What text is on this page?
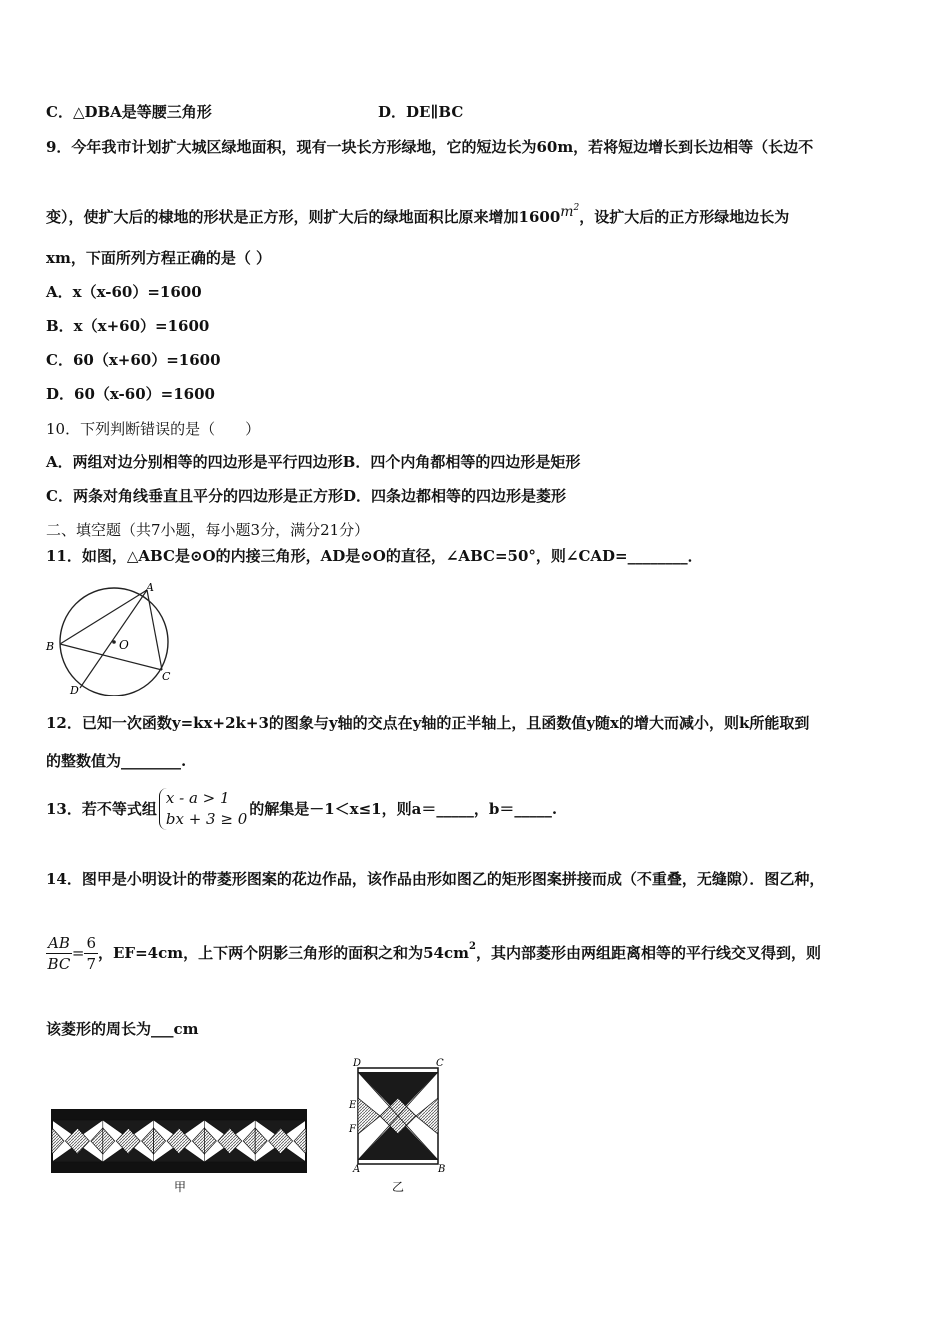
C．△DBA是等腰三角形	D．DE∥BC
9．今年我市计划扩大城区绿地面积，现有一块长方形绿地，它的短边长为60m，若将短边增长到长边相等（长边不
变），使扩大后的棣地的形状是正方形，则扩大后的绿地面积比原来增加$1600m^2$，设扩大后的正方形绿地边长为
xm，下面所列方程正确的是（ ）
A．x（x-60）=1600
B．x（x+60）=1600
C．60（x+60）=1600
D．60（x-60）=1600
10．下列判断错误的是（　　）
A．两组对边分别相等的四边形是平行四边形B．四个内角都相等的四边形是矩形
C．两条对角线垂直且平分的四边形是正方形D．四条边都相等的四边形是菱形
二、填空题（共7小题，每小题3分，满分21分）
11．如图，△ABC是⊙O的内接三角形，AD是⊙O的直径，∠ABC=50°，则∠CAD=________．
A
B
C
D
O
12．已知一次函数y=kx+2k+3的图象与y轴的交点在y轴的正半轴上，且函数值y随x的增大而减小，则k所能取到
的整数值为________.
13．若不等式组
x - a > 1
bx + 3 ≥ 0
的解集是－1＜x≤1，则a＝_____，b＝_____.
14．图甲是小明设计的带菱形图案的花边作品，该作品由形如图乙的矩形图案拼接而成（不重叠，无缝隙）．图乙种，
$\frac{AB}{BC} = \frac{6}{7}$ ，EF=4cm，上下两个阴影三角形的面积之和为$54cm^2$，其内部菱形由两组距离相等的平行线交叉得到，则
该菱形的周长为___cm
甲
D	C
E
F
A	B
乙
